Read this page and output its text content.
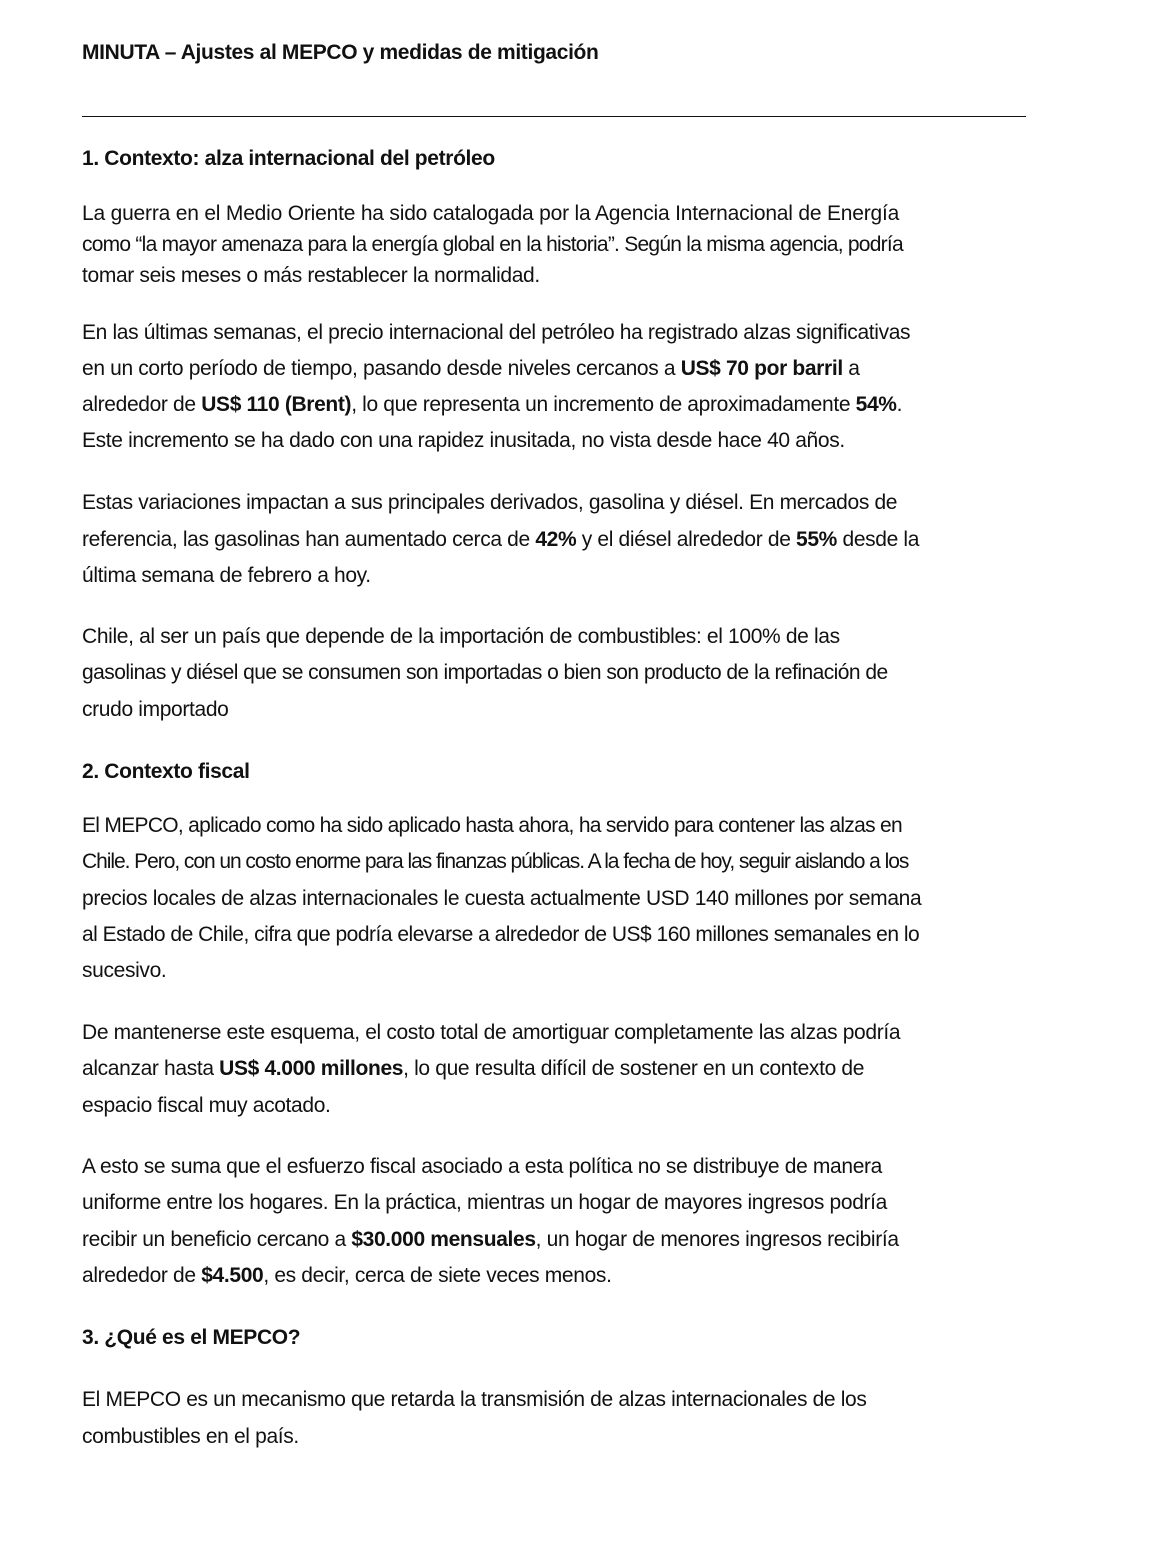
MINUTA – Ajustes al MEPCO y medidas de mitigación
1. Contexto: alza internacional del petróleo
La guerra en el Medio Oriente ha sido catalogada por la Agencia Internacional de Energía
como “la mayor amenaza para la energía global en la historia”. Según la misma agencia, podría
tomar seis meses o más restablecer la normalidad.
En las últimas semanas, el precio internacional del petróleo ha registrado alzas significativas
en un corto período de tiempo, pasando desde niveles cercanos a US$ 70 por barril a
alrededor de US$ 110 (Brent), lo que representa un incremento de aproximadamente 54%.
Este incremento se ha dado con una rapidez inusitada, no vista desde hace 40 años.
Estas variaciones impactan a sus principales derivados, gasolina y diésel. En mercados de
referencia, las gasolinas han aumentado cerca de 42% y el diésel alrededor de 55% desde la
última semana de febrero a hoy.
Chile, al ser un país que depende de la importación de combustibles: el 100% de las
gasolinas y diésel que se consumen son importadas o bien son producto de la refinación de
crudo importado
2. Contexto fiscal
El MEPCO, aplicado como ha sido aplicado hasta ahora, ha servido para contener las alzas en
Chile. Pero, con un costo enorme para las finanzas públicas. A la fecha de hoy, seguir aislando a los
precios locales de alzas internacionales le cuesta actualmente USD 140 millones por semana
al Estado de Chile, cifra que podría elevarse a alrededor de US$ 160 millones semanales en lo
sucesivo.
De mantenerse este esquema, el costo total de amortiguar completamente las alzas podría
alcanzar hasta US$ 4.000 millones, lo que resulta difícil de sostener en un contexto de
espacio fiscal muy acotado.
A esto se suma que el esfuerzo fiscal asociado a esta política no se distribuye de manera
uniforme entre los hogares. En la práctica, mientras un hogar de mayores ingresos podría
recibir un beneficio cercano a $30.000 mensuales, un hogar de menores ingresos recibiría
alrededor de $4.500, es decir, cerca de siete veces menos.
3. ¿Qué es el MEPCO?
El MEPCO es un mecanismo que retarda la transmisión de alzas internacionales de los
combustibles en el país.
